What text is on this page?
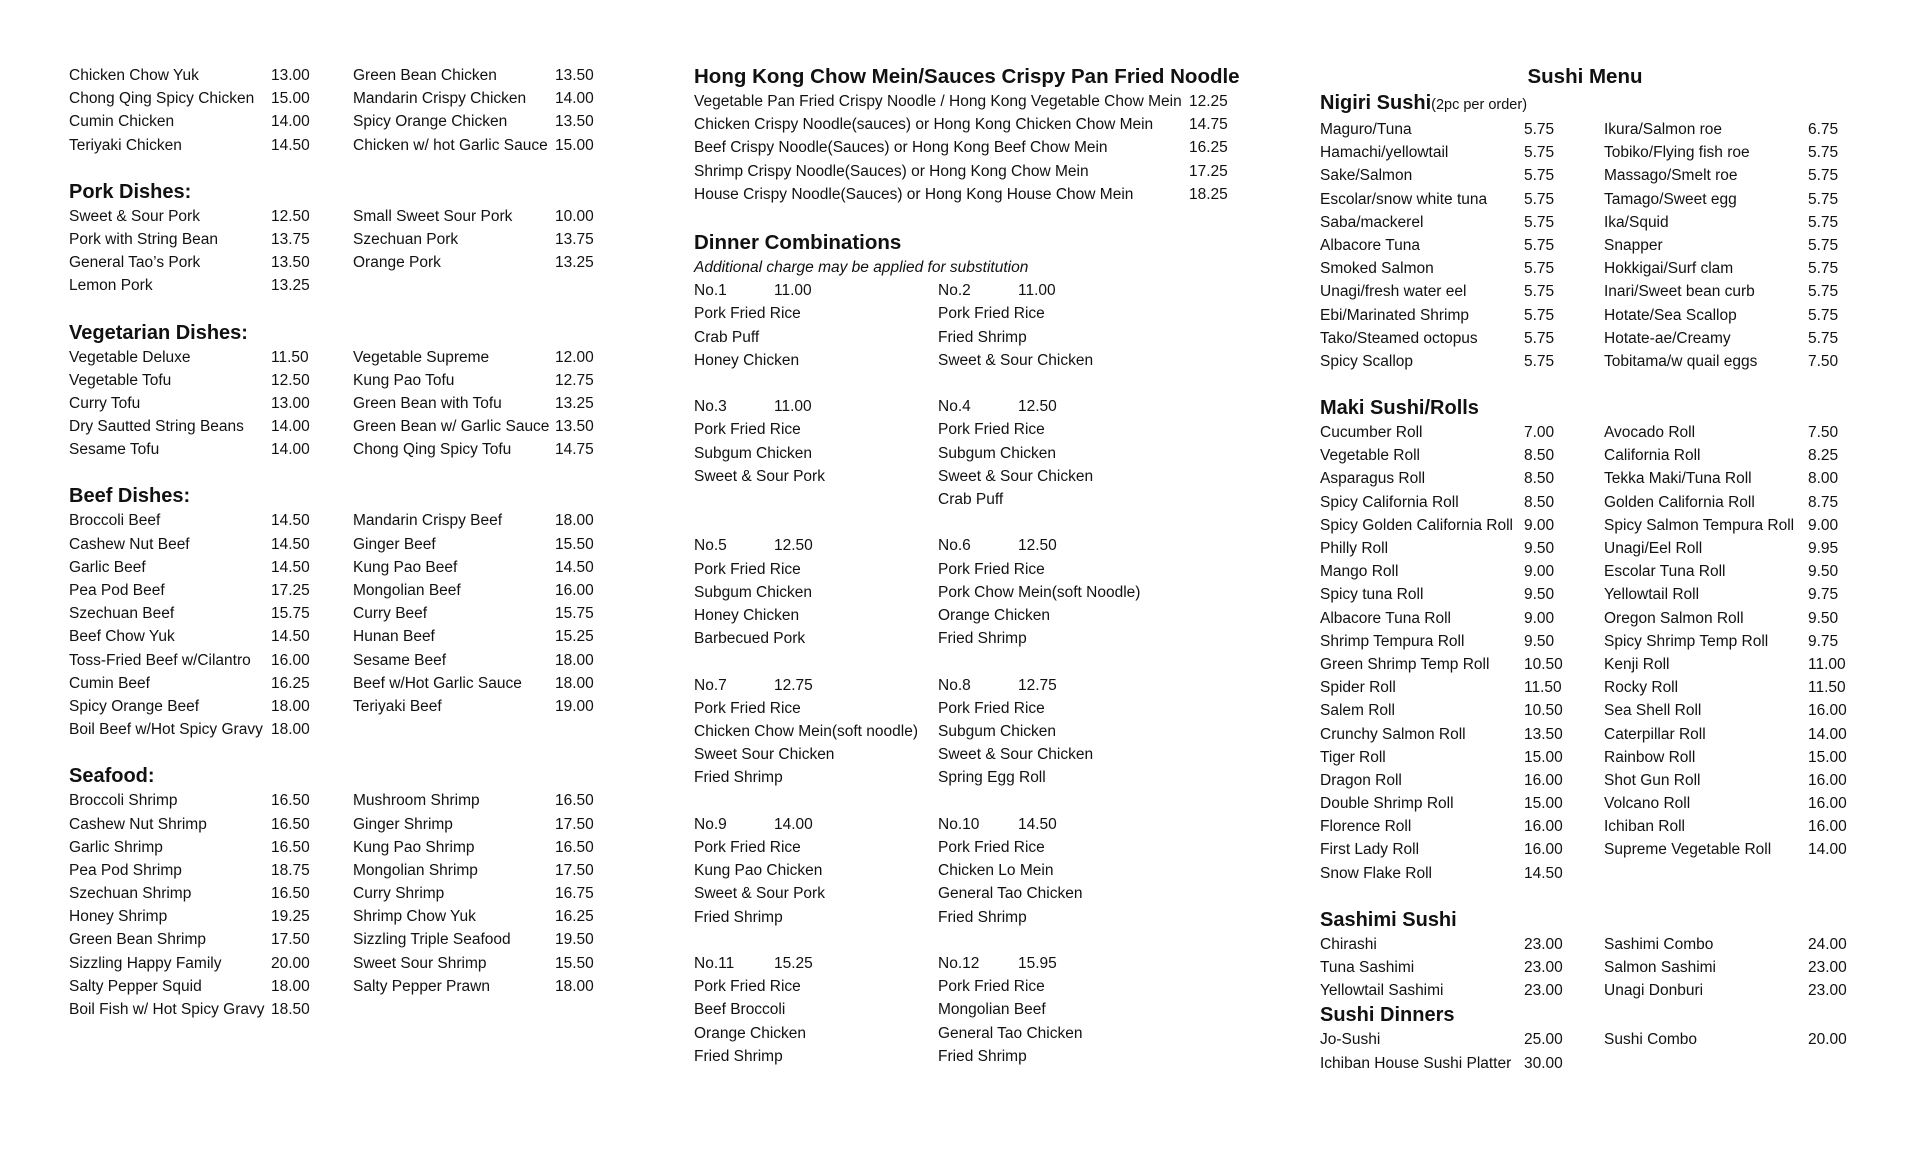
Chicken Chow Yuk	13.00	Green Bean Chicken	13.50
Chong Qing Spicy Chicken	15.00	Mandarin Crispy Chicken	14.00
Cumin Chicken	14.00	Spicy Orange Chicken	13.50
Teriyaki Chicken	14.50	Chicken w/ hot Garlic Sauce 15.00
Pork Dishes:
Sweet & Sour Pork	12.50	Small Sweet Sour Pork	10.00
Pork with String Bean	13.75	Szechuan Pork	13.75
General Tao’s Pork	13.50	Orange Pork	13.25
Lemon Pork	13.25
Vegetarian Dishes:
Vegetable Deluxe	11.50	Vegetable Supreme	12.00
Vegetable Tofu	12.50	Kung Pao Tofu	12.75
Curry Tofu	13.00	Green Bean with Tofu	13.25
Dry Sautted String Beans	14.00	Green Bean w/ Garlic Sauce 13.50
Sesame Tofu	14.00	Chong Qing Spicy Tofu	14.75
Beef Dishes:
Broccoli Beef	14.50	Mandarin Crispy Beef	18.00
Cashew Nut Beef	14.50	Ginger Beef	15.50
Garlic Beef	14.50	Kung Pao Beef	14.50
Pea Pod Beef	17.25	Mongolian Beef	16.00
Szechuan Beef	15.75	Curry Beef	15.75
Beef Chow Yuk	14.50	Hunan Beef	15.25
Toss-Fried Beef w/Cilantro	16.00	Sesame Beef	18.00
Cumin Beef	16.25	Beef w/Hot Garlic Sauce	18.00
Spicy Orange Beef	18.00	Teriyaki Beef	19.00
Boil Beef w/Hot Spicy Gravy 18.00
Seafood:
Broccoli Shrimp	16.50	Mushroom Shrimp	16.50
Cashew Nut Shrimp	16.50	Ginger Shrimp	17.50
Garlic Shrimp	16.50	Kung Pao Shrimp	16.50
Pea Pod Shrimp	18.75	Mongolian Shrimp	17.50
Szechuan Shrimp	16.50	Curry Shrimp	16.75
Honey Shrimp	19.25	Shrimp Chow Yuk	16.25
Green Bean Shrimp	17.50	Sizzling Triple Seafood	19.50
Sizzling Happy Family	20.00	Sweet Sour Shrimp	15.50
Salty Pepper Squid	18.00	Salty Pepper Prawn	18.00
Boil Fish w/ Hot Spicy Gravy 18.50
Hong Kong Chow Mein/Sauces Crispy Pan Fried Noodle
Vegetable Pan Fried Crispy Noodle / Hong Kong Vegetable Chow Mein 12.25
Chicken Crispy Noodle(sauces) or Hong Kong Chicken Chow Mein	14.75
Beef Crispy Noodle(Sauces) or Hong Kong Beef Chow Mein	16.25
Shrimp Crispy Noodle(Sauces) or Hong Kong Chow Mein	17.25
House Crispy Noodle(Sauces) or Hong Kong House Chow Mein	18.25
Dinner Combinations
Additional charge may be applied for substitution
No.1	11.00
Pork Fried Rice
Crab Puff
Honey Chicken
No.2	11.00
Pork Fried Rice
Fried Shrimp
Sweet & Sour Chicken
No.3	11.00
Pork Fried Rice
Subgum Chicken
Sweet & Sour Pork
No.4	12.50
Pork Fried Rice
Subgum Chicken
Sweet & Sour Chicken
Crab Puff
No.5	12.50
Pork Fried Rice
Subgum Chicken
Honey Chicken
Barbecued Pork
No.6	12.50
Pork Fried Rice
Pork Chow Mein(soft Noodle)
Orange Chicken
Fried Shrimp
No.7	12.75
Pork Fried Rice
Chicken Chow Mein(soft noodle)
Sweet Sour Chicken
Fried Shrimp
No.8	12.75
Pork Fried Rice
Subgum Chicken
Sweet & Sour Chicken
Spring Egg Roll
No.9	14.00
Pork Fried Rice
Kung Pao Chicken
Sweet & Sour Pork
Fried Shrimp
No.10	14.50
Pork Fried Rice
Chicken Lo Mein
General Tao Chicken
Fried Shrimp
No.11	15.25
Pork Fried Rice
Beef Broccoli
Orange Chicken
Fried Shrimp
No.12	15.95
Pork Fried Rice
Mongolian Beef
General Tao Chicken
Fried Shrimp
Sushi Menu
Nigiri Sushi(2pc per order)
Maguro/Tuna	5.75	Ikura/Salmon roe	6.75
Hamachi/yellowtail	5.75	Tobiko/Flying fish roe	5.75
Sake/Salmon	5.75	Massago/Smelt roe	5.75
Escolar/snow white tuna	5.75	Tamago/Sweet egg	5.75
Saba/mackerel	5.75	Ika/Squid	5.75
Albacore Tuna	5.75	Snapper	5.75
Smoked Salmon	5.75	Hokkigai/Surf clam	5.75
Unagi/fresh water eel	5.75	Inari/Sweet bean curb	5.75
Ebi/Marinated Shrimp	5.75	Hotate/Sea Scallop	5.75
Tako/Steamed octopus	5.75	Hotate-ae/Creamy	5.75
Spicy Scallop	5.75	Tobitama/w quail eggs	7.50
Maki Sushi/Rolls
Cucumber Roll	7.00	Avocado Roll	7.50
Vegetable Roll	8.50	California Roll	8.25
Asparagus Roll	8.50	Tekka Maki/Tuna Roll	8.00
Spicy California Roll	8.50	Golden California Roll	8.75
Spicy Golden California Roll 9.00	Spicy Salmon Tempura Roll 9.00
Philly Roll	9.50	Unagi/Eel Roll	9.95
Mango Roll	9.00	Escolar Tuna Roll	9.50
Spicy tuna Roll	9.50	Yellowtail Roll	9.75
Albacore Tuna Roll	9.00	Oregon Salmon Roll	9.50
Shrimp Tempura Roll	9.50	Spicy Shrimp Temp Roll	9.75
Green Shrimp Temp Roll	10.50	Kenji Roll	11.00
Spider Roll	11.50	Rocky Roll	11.50
Salem Roll	10.50	Sea Shell Roll	16.00
Crunchy Salmon Roll	13.50	Caterpillar Roll	14.00
Tiger Roll	15.00	Rainbow Roll	15.00
Dragon Roll	16.00	Shot Gun Roll	16.00
Double Shrimp Roll	15.00	Volcano Roll	16.00
Florence Roll	16.00	Ichiban Roll	16.00
First Lady Roll	16.00	Supreme Vegetable Roll	14.00
Snow Flake Roll	14.50
Sashimi Sushi
Chirashi	23.00	Sashimi Combo	24.00
Tuna Sashimi	23.00	Salmon Sashimi	23.00
Yellowtail Sashimi	23.00	Unagi Donburi	23.00
Sushi Dinners
Jo-Sushi	25.00	Sushi Combo	20.00
Ichiban House Sushi Platter 30.00
